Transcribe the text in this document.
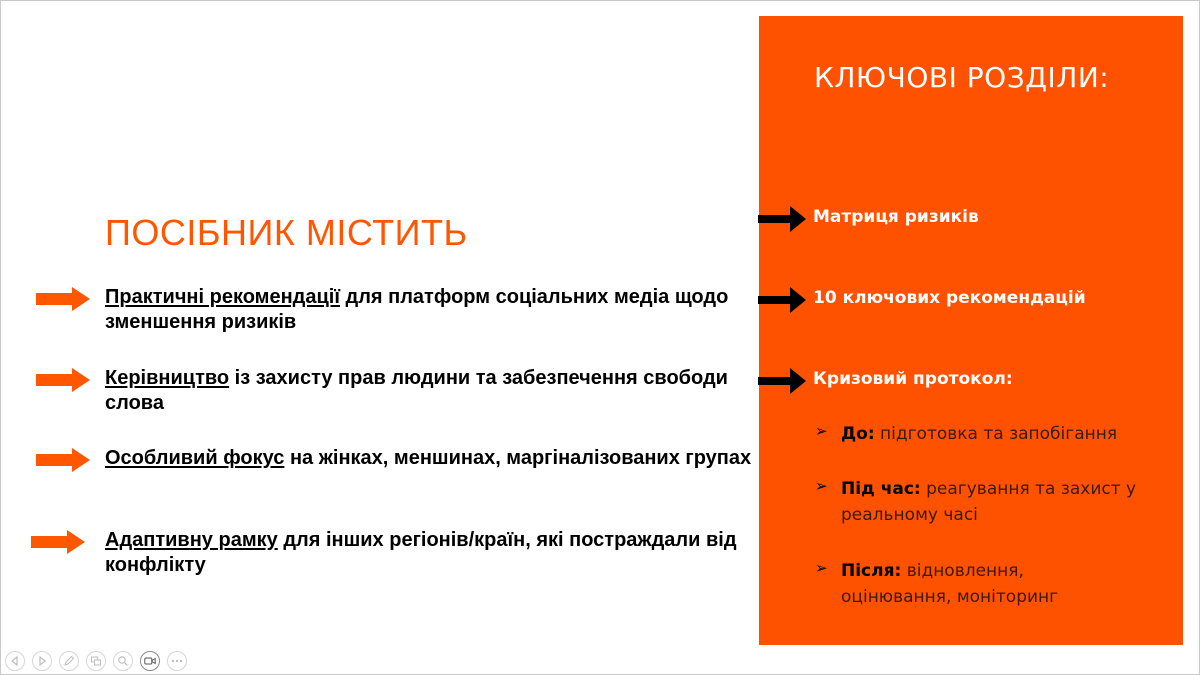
ПОСІБНИК МІСТИТЬ
Практичні рекомендації для платформ соціальних медіа щодо зменшення ризиків
Керівництво із захисту прав людини та забезпечення свободи слова
Особливий фокус на жінках, меншинах, маргіналізованих групах
Адаптивну рамку для інших регіонів/країн, які постраждали від конфлікту
КЛЮЧОВІ РОЗДІЛИ:
Матриця ризиків
10 ключових рекомендацій
Кризовий протокол:
➢ До: підготовка та запобігання
➢ Під час: реагування та захист у реальному часі
➢ Після: відновлення, оцінювання, моніторинг
